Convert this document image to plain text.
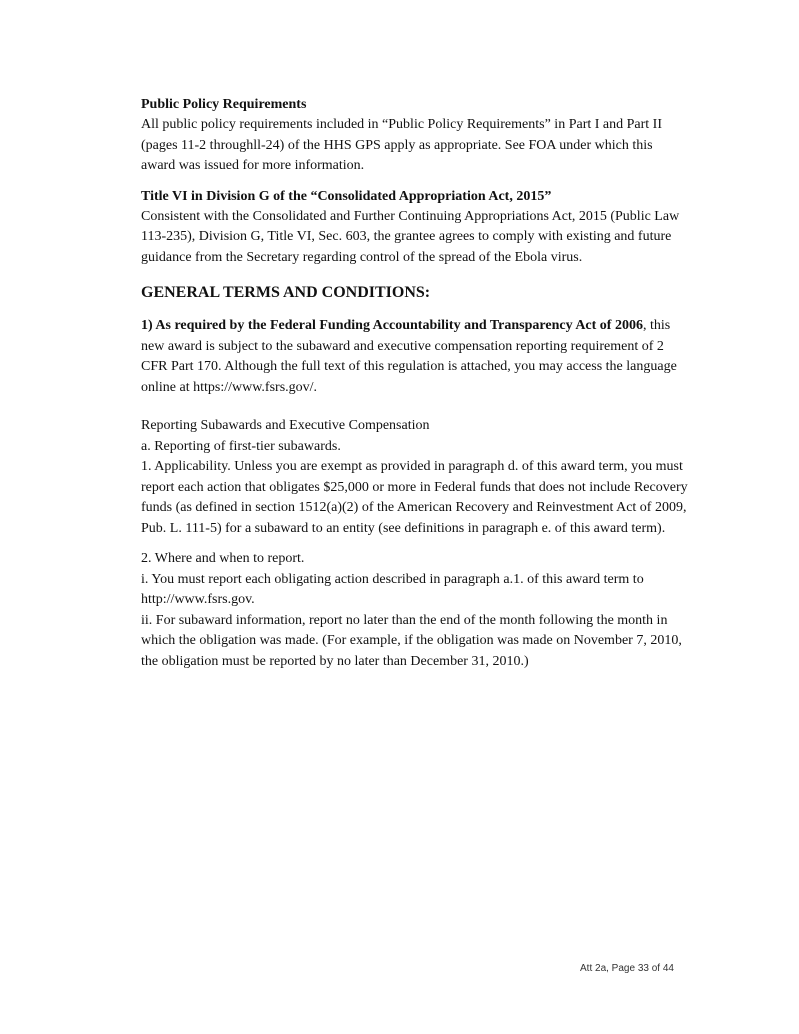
Public Policy Requirements

All public policy requirements included in “Public Policy Requirements” in Part I and Part II
(pages 11-2 throughll-24) of the HHS GPS apply as appropriate. See FOA under which this
award was issued for more information.

Title VI in Division G of the “Consolidated Appropriation Act, 2015”

Consistent with the Consolidated and Further Continuing Appropriations Act, 2015 (Public Law
113-235), Division G, Title VI, Sec. 603, the grantee agrees to comply with existing and future
guidance from the Secretary regarding control of the spread of the Ebola virus.

GENERAL TERMS AND CONDITIONS:

1) As required by the Federal Funding Accountability and Transparency Act of 2006, this
new award is subject to the subaward and executive compensation reporting requirement of 2
CFR Part 170. Although the full text of this regulation is attached, you may access the language
online at https://www.fsrs.gov/.

Reporting Subawards and Executive Compensation
a. Reporting of first-tier subawards.
1. Applicability. Unless you are exempt as provided in paragraph d. of this award term, you must
report each action that obligates $25,000 or more in Federal funds that does not include Recovery
funds (as defined in section 1512(a)(2) of the American Recovery and Reinvestment Act of 2009,
Pub. L. 111-5) for a subaward to an entity (see definitions in paragraph e. of this award term).

2. Where and when to report.
i. You must report each obligating action described in paragraph a.1. of this award term to
http://www.fsrs.gov.
ii. For subaward information, report no later than the end of the month following the month in
which the obligation was made. (For example, if the obligation was made on November 7, 2010,
the obligation must be reported by no later than December 31, 2010.)

Att 2a, Page 33 of 44
